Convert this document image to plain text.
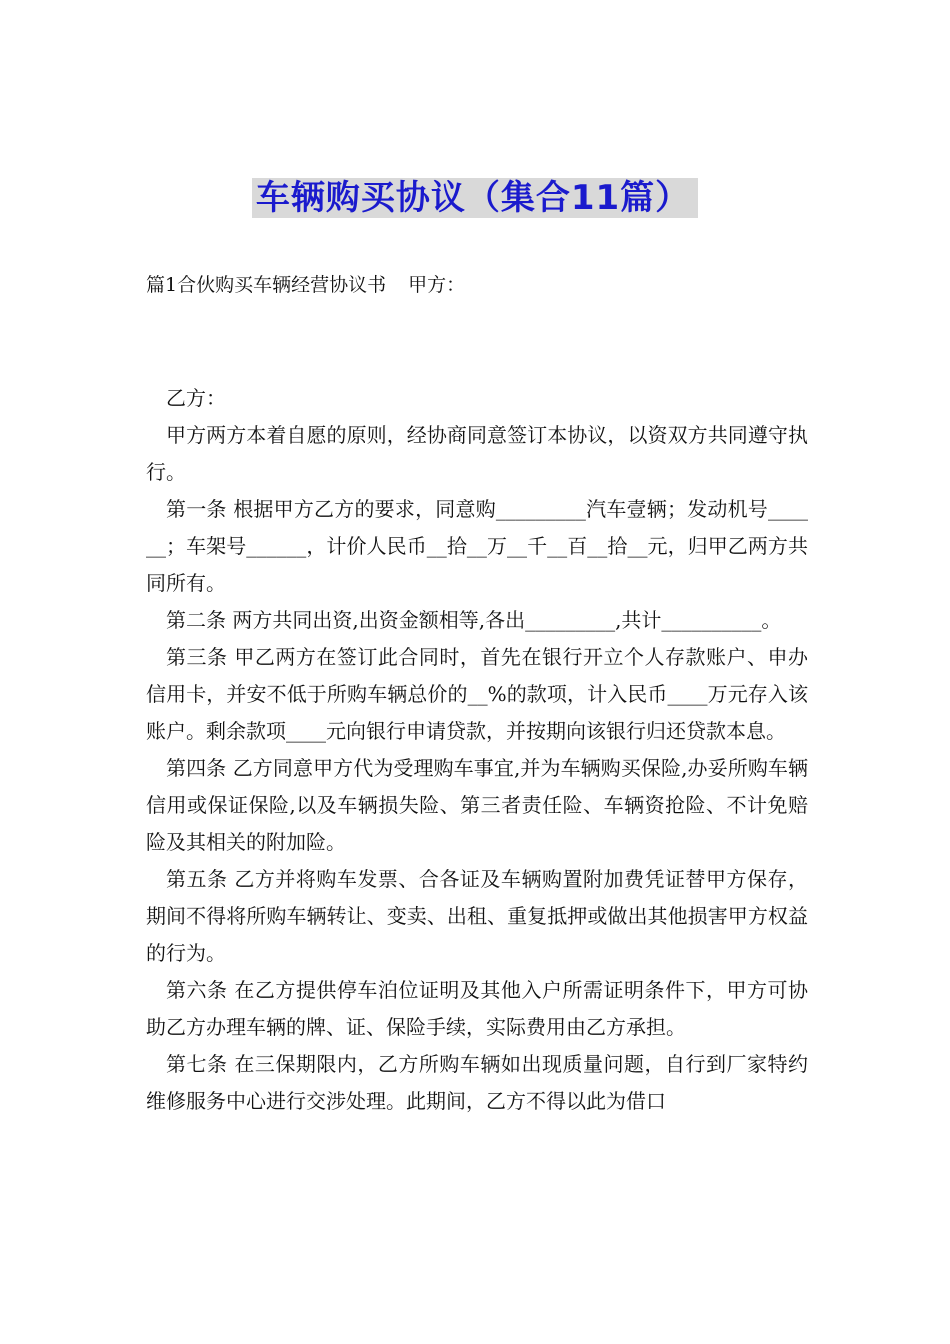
车辆购买协议（集合11篇）
篇1合伙购买车辆经营协议书 甲方：

乙方：

甲方两方本着自愿的原则，经协商同意签订本协议，以资双方共同遵守执行。

第一条 根据甲方乙方的要求，同意购_________汽车壹辆；发动机号______；车架号______，计价人民币__拾__万__千__百__拾__元，归甲乙两方共同所有。

第二条 两方共同出资,出资金额相等,各出_________,共计__________。

第三条 甲乙两方在签订此合同时，首先在银行开立个人存款账户、申办信用卡，并安不低于所购车辆总价的__%的款项，计入民币____万元存入该账户。剩余款项____元向银行申请贷款，并按期向该银行归还贷款本息。

第四条 乙方同意甲方代为受理购车事宜,并为车辆购买保险,办妥所购车辆信用或保证保险,以及车辆损失险、第三者责任险、车辆资抢险、不计免赔险及其相关的附加险。

第五条 乙方并将购车发票、合各证及车辆购置附加费凭证替甲方保存，期间不得将所购车辆转让、变卖、出租、重复抵押或做出其他损害甲方权益的行为。

第六条 在乙方提供停车泊位证明及其他入户所需证明条件下，甲方可协助乙方办理车辆的牌、证、保险手续，实际费用由乙方承担。

第七条 在三保期限内，乙方所购车辆如出现质量问题，自行到厂家特约维修服务中心进行交涉处理。此期间，乙方不得以此为借口
